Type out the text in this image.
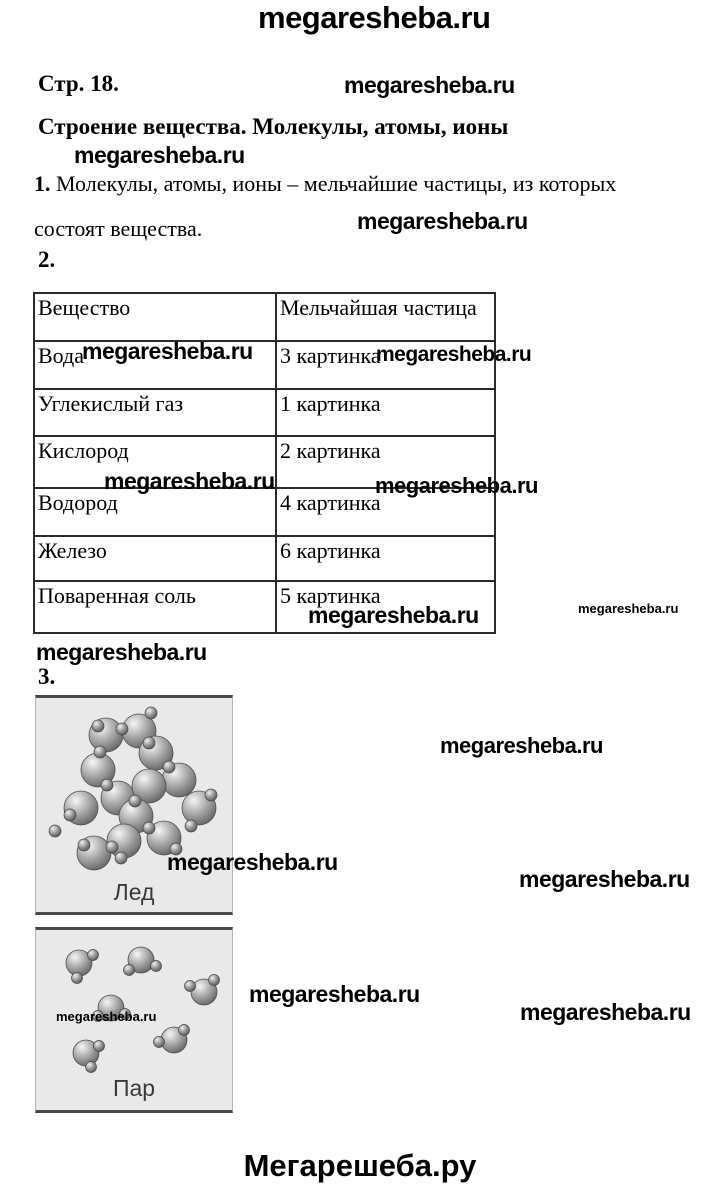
megaresheba.ru
megaresheba.ru
megaresheba.ru
megaresheba.ru
megaresheba.ru	megaresheba.ru
megaresheba.ru	megaresheba.ru
megaresheba.ru	megaresheba.ru
megaresheba.ru
megaresheba.ru
megaresheba.ru
megaresheba.ru
megaresheba.ru
megaresheba.ru
megaresheba.ru
Стр. 18.
Строение вещества. Молекулы, атомы, ионы
1. Молекулы, атомы, ионы – мельчайшие частицы, из которых состоят вещества.
2.
Вещество	Мельчайшая частица
Вода	3 картинка
Углекислый газ	1 картинка
Кислород	2 картинка
Водород	4 картинка
Железо	6 картинка
Поваренная соль	5 картинка
3.
Лед
Пар
Мегарешеба.ру
